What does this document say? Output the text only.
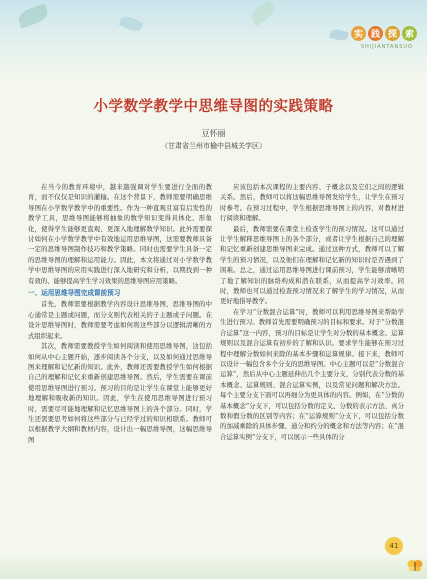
实 践 探 索
SHIJIANTANSUO
小学数学教学中思维导图的实践策略
豆怀丽
（甘肃省兰州市榆中县城关学区）

在当今的教育环境中，越来越强调对学生要进行全面的教育，而不仅仅是知识的灌输。在这个背景下，教师需要明确思维导图在小学数学教学中的重要性。作为一种直观且富有启发性的教学工具，思维导图能够将抽象的数学知识变得具体化、形象化，使得学生能够更直观、更深入地理解数学知识。此外需要探讨如何在小学数学教学中有效地运用思维导图，这需要教师具备一定的思维导图制作技巧和教学策略。同时也需要学生具备一定的思维导图的理解和运用能力。因此，本文将通过对小学数学教学中思维导图的应用实践进行深入地研究和分析，以期找到一种有效的、能够提高学生学习效果的思维导图应用策略。

一、运用思维导图完成课前预习

首先，教师需要根据教学内容设计思维导图，思维导图的中心通常是主题或问题，而分支则代表相关的子主题或子问题。在设计思维导图时，教师需要考虑如何将这些部分以逻辑清晰的方式组织起来。

其次，教师需要教授学生如何阅读和使用思维导图，这包括如何从中心主题开始，逐步阅读各个分支，以及如何通过思维导图来理解和记忆新的知识。此外，教师还需要教授学生如何根据自己的理解和记忆来重新创建思维导图。然后，学生需要在课前使用思维导图进行预习。预习的目的是让学生在课堂上能够更好地理解和吸收新的知识。因此，学生在使用思维导图进行预习时，需要尽可能地理解和记忆思维导图上的各个部分。同时，学生还需要思考如何将这些部分与已经学过的知识相联系。教师可以根据教学大纲和教材内容，设计出一幅思维导图，这幅思维导图

应该包括本次课程的主要内容、子概念以及它们之间的逻辑关系。然后，教师可以将这幅思维导图发给学生，让学生在预习时参考。在预习过程中，学生根据思维导图上的内容，对教材进行阅读和理解。

最后，教师需要在课堂上检查学生的预习情况。这可以通过让学生解释思维导图上的各个部分，或者让学生根据自己的理解和记忆重新创建思维导图来完成。通过这种方式，教师可以了解学生的预习情况，以及他们在理解和记忆新的知识时是否遇到了困难。总之，通过运用思维导图进行课前预习，学生能够清晰明了地了解知识的脉络构成和潜在联系，从而提高学习效率。同时，教师也可以通过检查预习情况来了解学生的学习情况，从而更好地指导教学。

在学习“分数混合运算”时，教师可以利用思维导图来帮助学生进行预习。教师首先需要明确预习的目标和要求。对于“分数混合运算”这一内容，预习的目标是让学生对分数的基本概念、运算规则以及混合运算有初步的了解和认识。要求学生能够在预习过程中理解分数如何来除的基本步骤和运算规律。接下来，教师可以设计一幅包含多个分支的思维导图。中心主题可以是“分数混合运算”，然后从中心主题延伸出几个主要分支，分别代表分数的基本概念、运算规则、混合运算实例，以及常见问题和解决方法。每个主要分支下面可以再细分为更具体的内容。例如，在“分数的基本概念”分支下，可以包括分数的定义、分数的表示方法、真分数和假分数的区别等内容；在“运算规则”分支下，可以包括分数的加减乘除的具体步骤、通分和约分的概念和方法等内容；在“混合运算实例”分支下，可以展示一些具体的分

41
